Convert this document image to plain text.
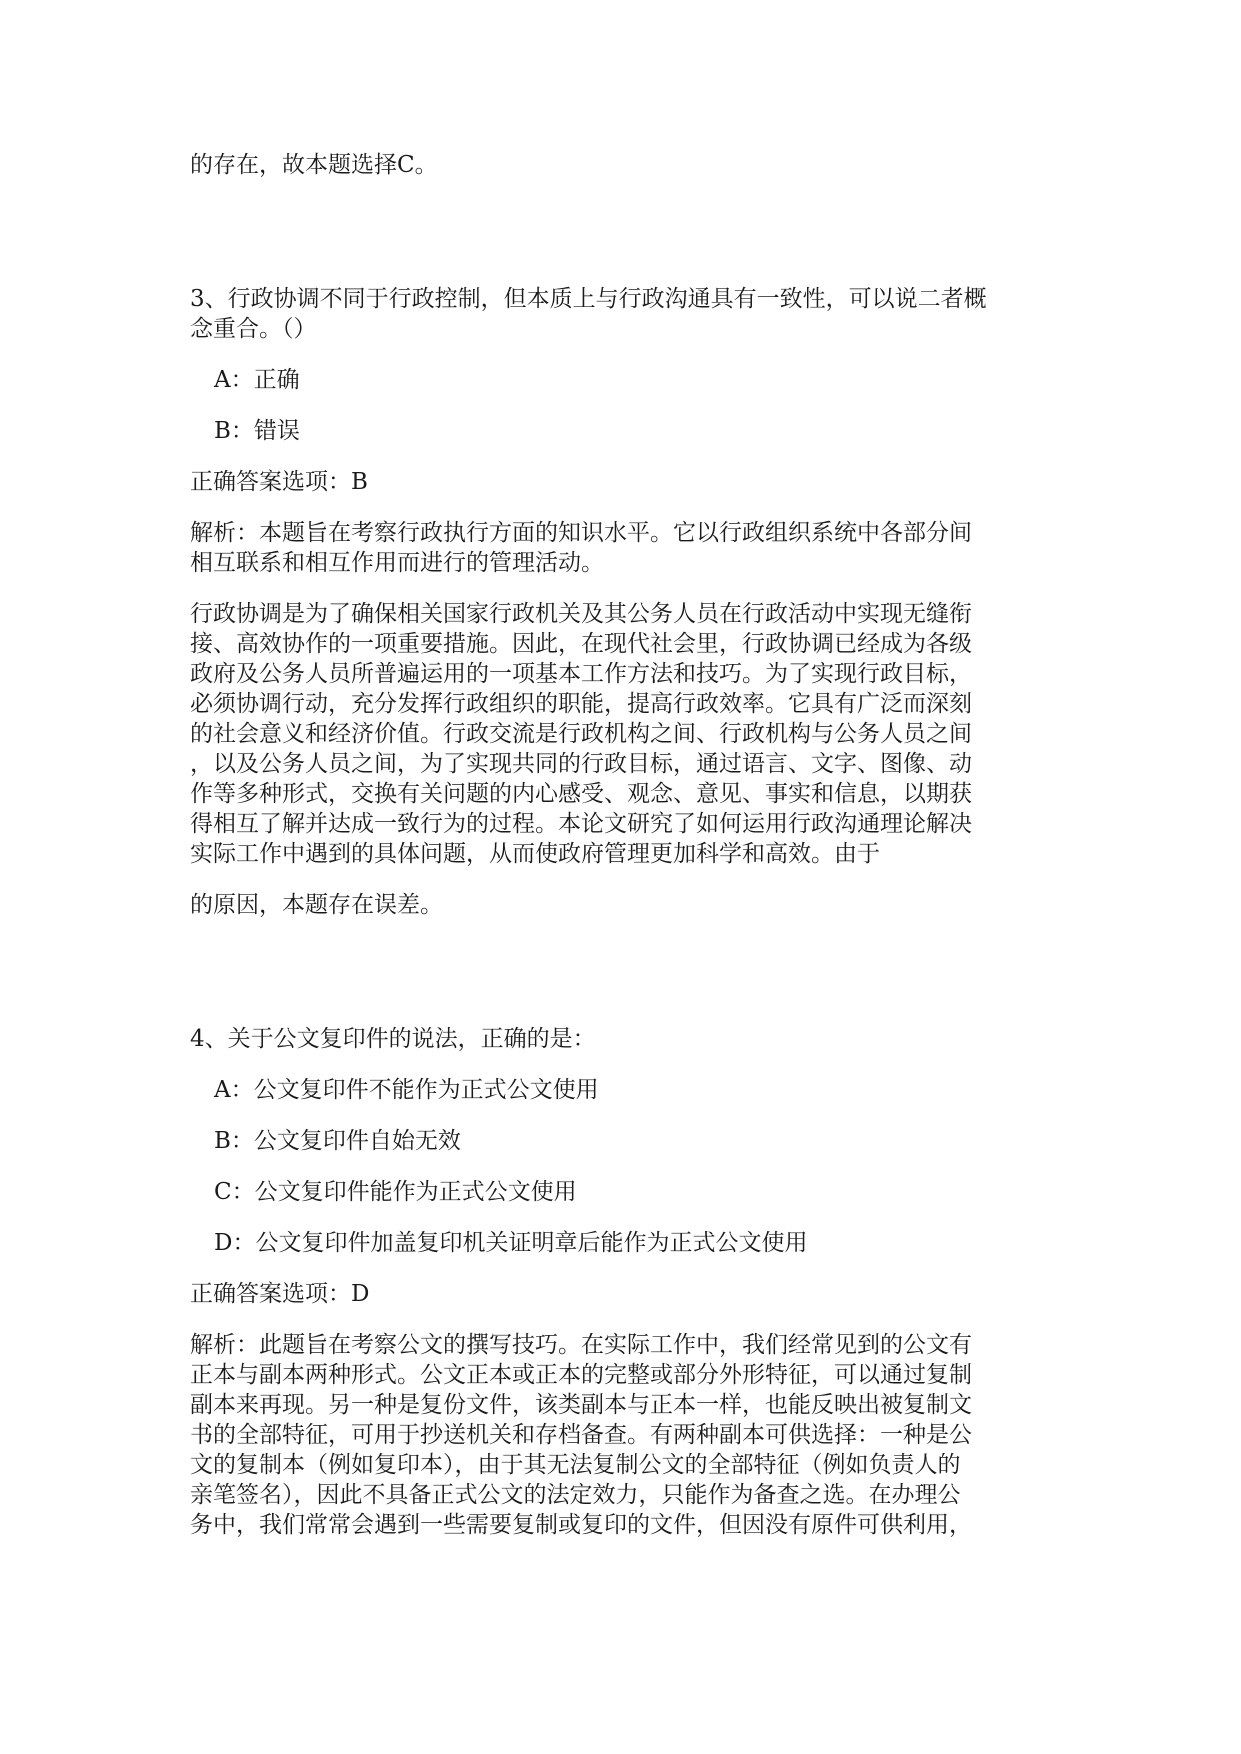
的存在，故本题选择C。

3、行政协调不同于行政控制，但本质上与行政沟通具有一致性，可以说二者概

念重合。（）

A：正确

B：错误

正确答案选项：B

解析：本题旨在考察行政执行方面的知识水平。它以行政组织系统中各部分间

相互联系和相互作用而进行的管理活动。

行政协调是为了确保相关国家行政机关及其公务人员在行政活动中实现无缝衔

接、高效协作的一项重要措施。因此，在现代社会里，行政协调已经成为各级

政府及公务人员所普遍运用的一项基本工作方法和技巧。为了实现行政目标，

必须协调行动，充分发挥行政组织的职能，提高行政效率。它具有广泛而深刻

的社会意义和经济价值。行政交流是行政机构之间、行政机构与公务人员之间

，以及公务人员之间，为了实现共同的行政目标，通过语言、文字、图像、动

作等多种形式，交换有关问题的内心感受、观念、意见、事实和信息，以期获

得相互了解并达成一致行为的过程。本论文研究了如何运用行政沟通理论解决

实际工作中遇到的具体问题，从而使政府管理更加科学和高效。由于

的原因，本题存在误差。

4、关于公文复印件的说法，正确的是：

A：公文复印件不能作为正式公文使用

B：公文复印件自始无效

C：公文复印件能作为正式公文使用

D：公文复印件加盖复印机关证明章后能作为正式公文使用

正确答案选项：D

解析：此题旨在考察公文的撰写技巧。在实际工作中，我们经常见到的公文有

正本与副本两种形式。公文正本或正本的完整或部分外形特征，可以通过复制

副本来再现。另一种是复份文件，该类副本与正本一样，也能反映出被复制文

书的全部特征，可用于抄送机关和存档备查。有两种副本可供选择：一种是公

文的复制本（例如复印本），由于其无法复制公文的全部特征（例如负责人的

亲笔签名），因此不具备正式公文的法定效力，只能作为备查之选。在办理公

务中，我们常常会遇到一些需要复制或复印的文件，但因没有原件可供利用，
